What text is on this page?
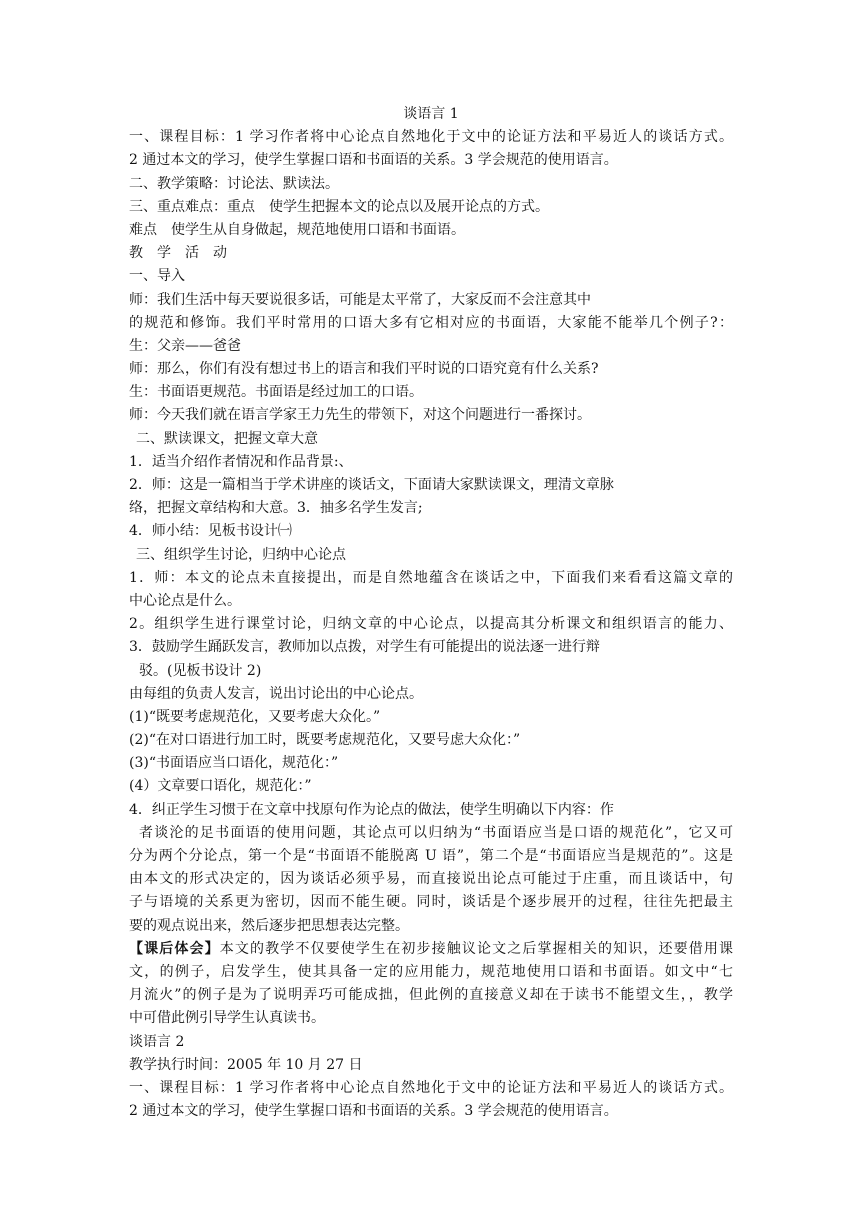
谈语言 1
一、课程目标：1 学习作者将中心论点自然地化于文中的论证方法和平易近人的谈话方式。
2 通过本文的学习，使学生掌握口语和书面语的关系。3 学会规范的使用语言。
二、教学策略：讨论法、默读法。
三、重点难点：重点　使学生把握本文的论点以及展开论点的方式。
难点　使学生从自身做起，规范地使用口语和书面语。
教　学　活　动
一、导入
师：我们生活中每天要说很多话，可能是太平常了，大家反而不会注意其中
的规范和修饰。我们平时常用的口语大多有它相对应的书面语，大家能不能举几个例子?：
生：父亲——爸爸
师：那么，你们有没有想过书上的语言和我们平时说的口语究竟有什么关系?
生：书面语更规范。书面语是经过加工的口语。
师：今天我们就在语言学家王力先生的带领下，对这个问题进行一番探讨。
二、默读课文，把握文章大意
1．适当介绍作者情况和作品背景:、
2．师：这是一篇相当于学术讲座的谈话文，下面请大家默读课文，理清文章脉
络，把握文章结构和大意。3．抽多名学生发言;
4．师小结：见板书设计㈠
三、组织学生讨论，归纳中心论点
1．师：本文的论点未直接提出，而是自然地蕴含在谈话之中，下面我们来看看这篇文章的
中心论点是什么。
2。组织学生进行课堂讨论，归纳文章的中心论点，以提高其分析课文和组织语言的能力、
3．鼓励学生踊跃发言，教师加以点拨，对学生有可能提出的说法逐一进行辩
驳。(见板书设计 2)
由每组的负责人发言，说出讨论出的中心论点。
(1)“既要考虑规范化，又要考虑大众化。”
(2)“在对口语进行加工时，既要考虑规范化，又要号虑大众化：”
(3)“书面语应当口语化，规范化：”
(4）文章要口语化，规范化：”
4．纠正学生习惯于在文章中找原句作为论点的做法，使学生明确以下内容：作
者谈沦的足书面语的使用问题，其论点可以归纳为“书面语应当是口语的规范化”，它又可
分为两个分论点，第一个是“书面语不能脱离 U 语”，第二个是“书面语应当是规范的”。这是
由本文的形式决定的，因为谈话必须乎易，而直接说出论点可能过于庄重，而且谈话中，句
子与语境的关系更为密切，因而不能生硬。同时，谈话是个逐步展开的过程，往往先把最主
要的观点说出来，然后逐步把思想表达完整。
【课后体会】本文的教学不仅要使学生在初步接触议论文之后掌握相关的知识，还要借用课
文，的例子，启发学生，使其具备一定的应用能力，规范地使用口语和书面语。如文中“七
月流火”的例子是为了说明弄巧可能成拙，但此例的直接意义却在于读书不能望文生，，教学
中可借此例引导学生认真读书。
谈语言 2
教学执行时间：2005 年 10 月 27 日
一、课程目标：1 学习作者将中心论点自然地化于文中的论证方法和平易近人的谈话方式。
2 通过本文的学习，使学生掌握口语和书面语的关系。3 学会规范的使用语言。
